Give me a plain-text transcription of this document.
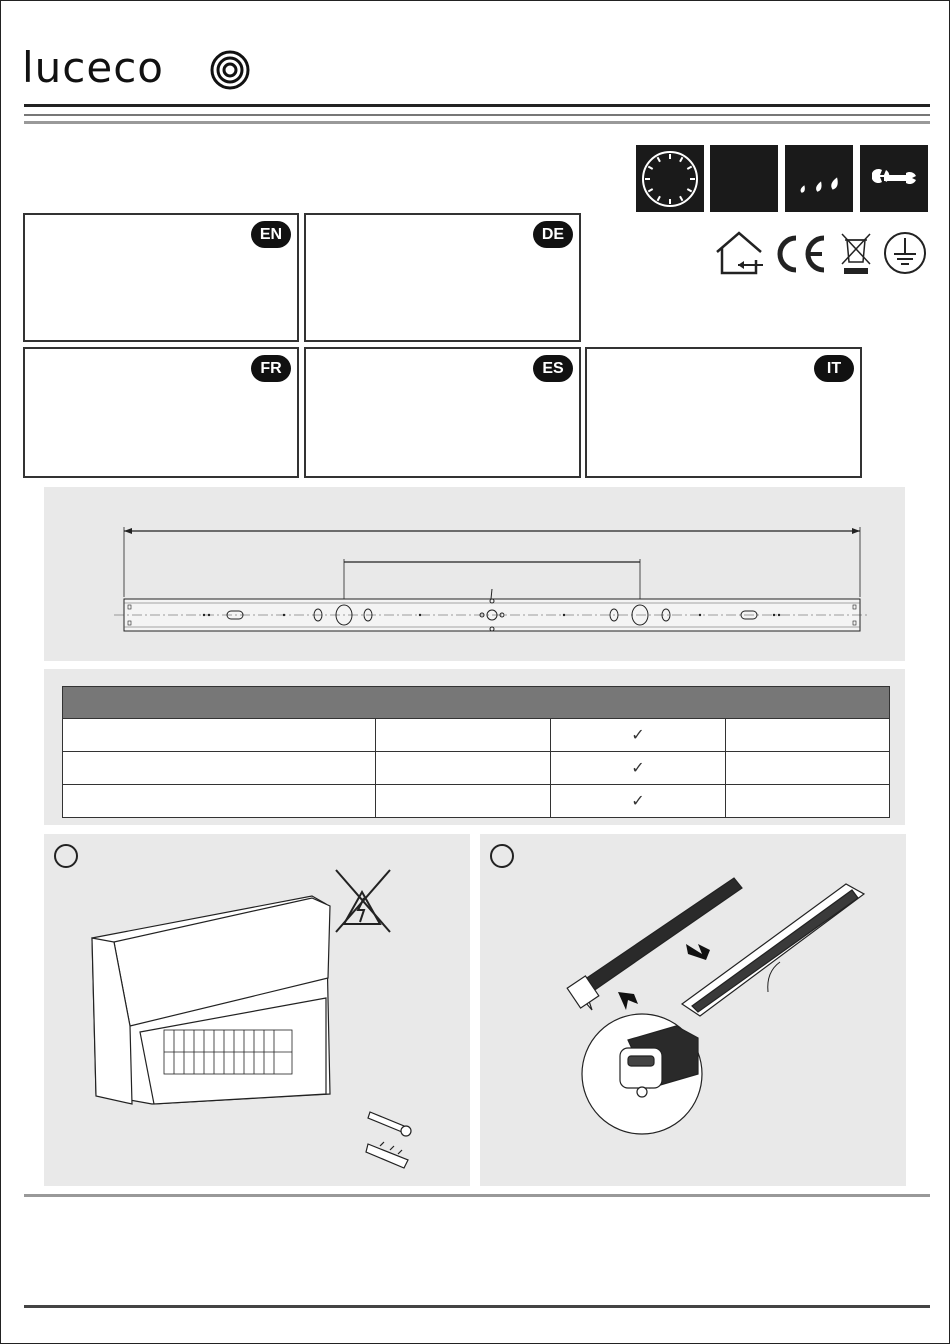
luceco
EN	DE
FR	ES	IT

		✓	
		✓	
		✓	
